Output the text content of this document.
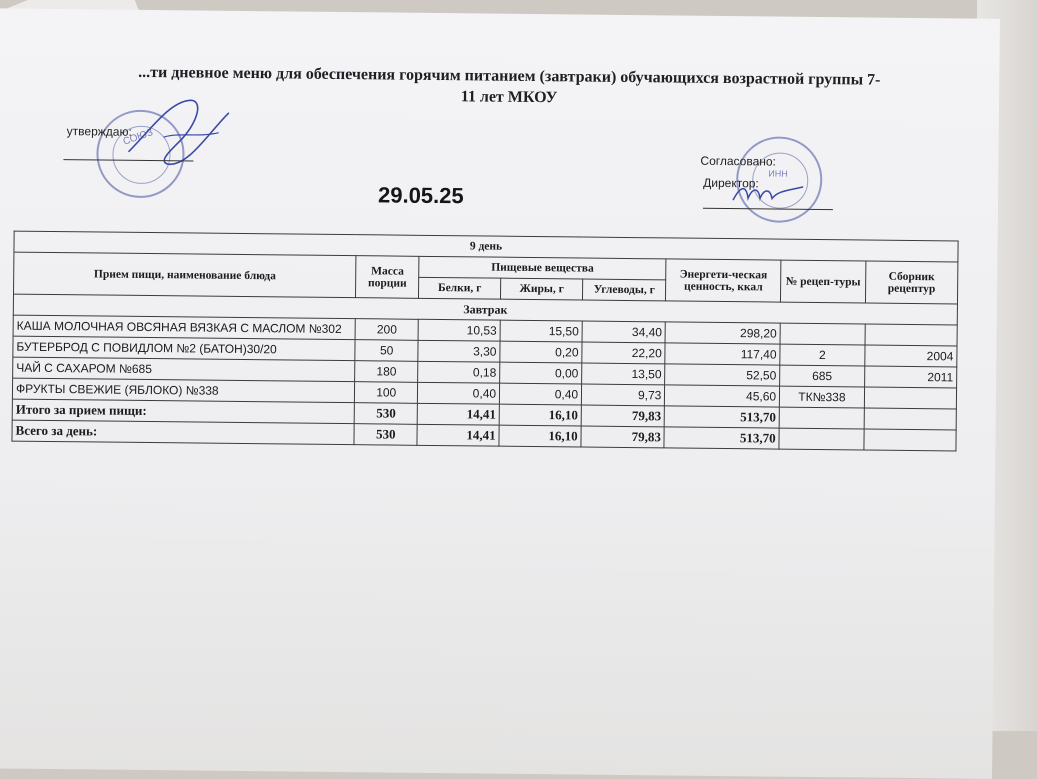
...ти дневное меню для обеспечения горячим питанием (завтраки) обучающихся возрастной группы 7-
11 лет МКОУ
СОЮЗ
утверждаю:
ИНН
Согласовано:
Директор:
29.05.25
9 день							
Прием пищи, наименование блюда	Масса порции	Пищевые вещества			Энергети-ческая ценность, ккал	№ рецеп-туры	Сборник рецептур
		Белки, г	Жиры, г	Углеводы, г			
Завтрак							
КАША МОЛОЧНАЯ ОВСЯНАЯ ВЯЗКАЯ С МАСЛОМ №302	200	10,53	15,50	34,40	298,20		
БУТЕРБРОД С ПОВИДЛОМ №2 (БАТОН)30/20	50	3,30	0,20	22,20	117,40	2	2004
ЧАЙ С САХАРОМ №685	180	0,18	0,00	13,50	52,50	685	2011
ФРУКТЫ СВЕЖИЕ (ЯБЛОКО) №338	100	0,40	0,40	9,73	45,60	ТК№338	
Итого за прием пищи:	530	14,41	16,10	79,83	513,70		
Всего за день:	530	14,41	16,10	79,83	513,70		
